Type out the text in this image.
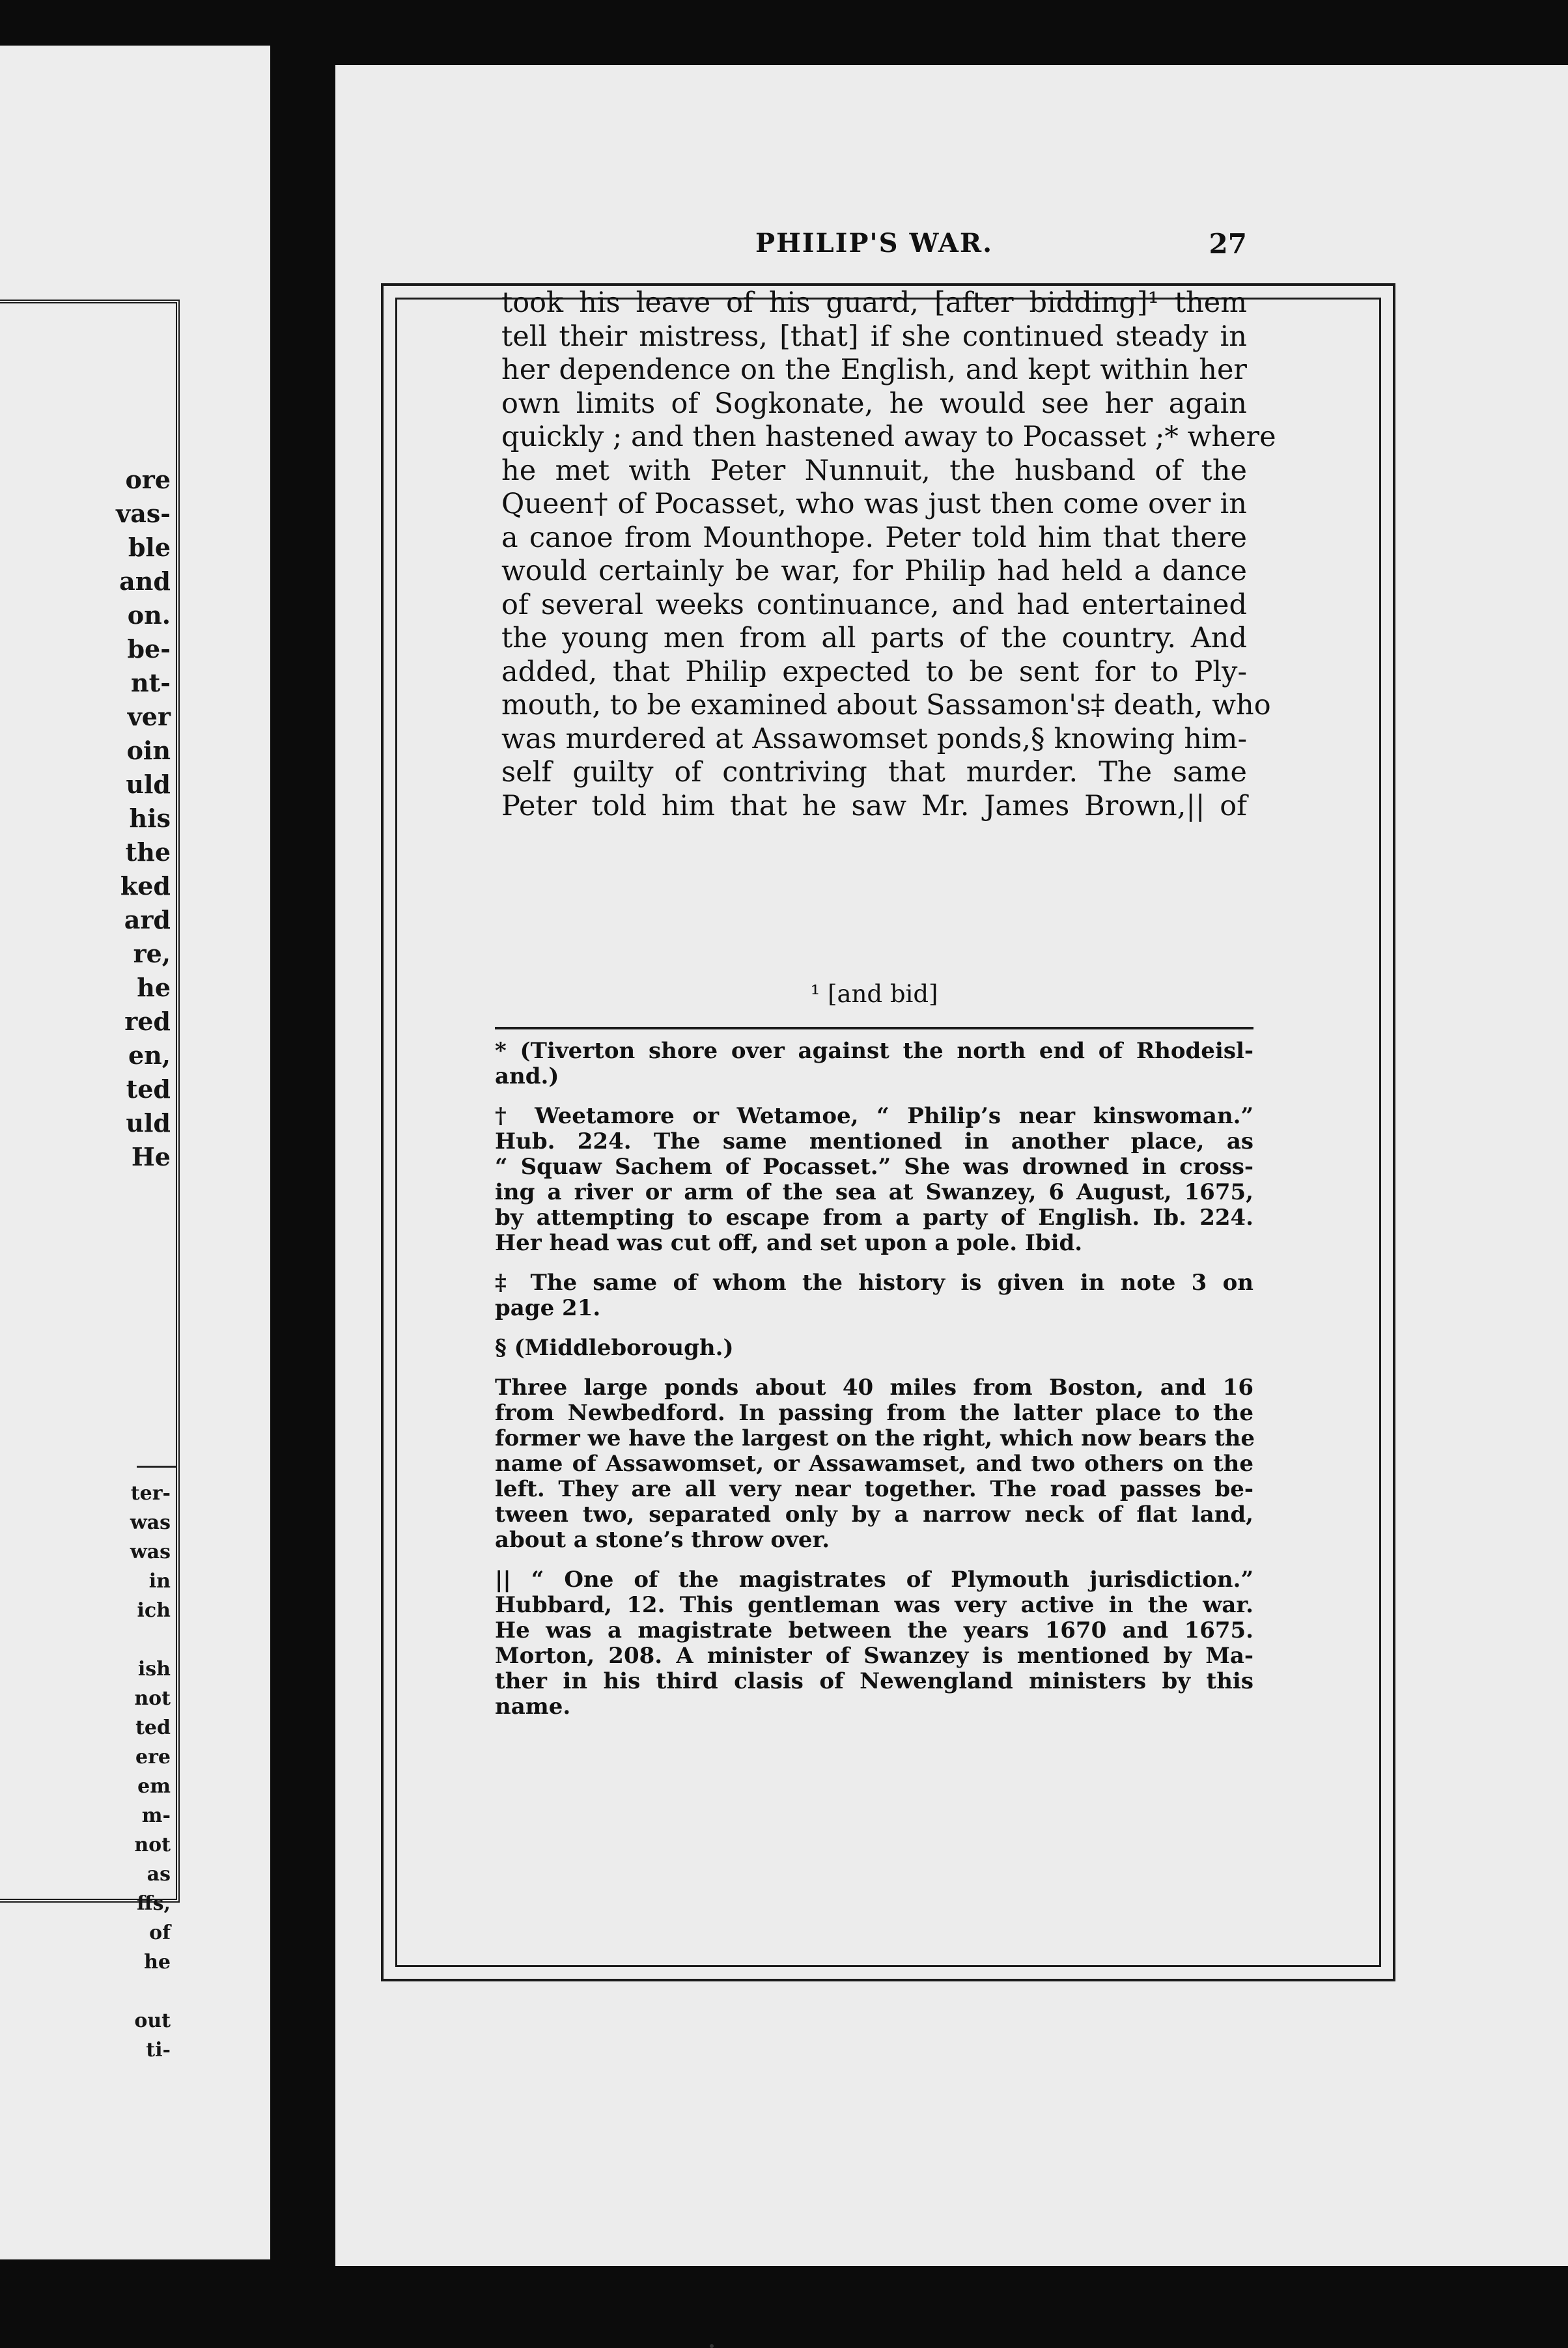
ore
vas-
ble
and
on.
be-
nt-
ver
oin
uld
his
the
ked
ard
re,
he
red
en,
ted
uld
He
ter-
was
was
in
ich

ish
not
ted
ere
em
m-
not
as
ffs,
of
he

out
ti-
PHILIP'S WAR.	27
took his leave of his guard, [after bidding]¹ them
tell their mistress, [that] if she continued steady in
her dependence on the English, and kept within her
own limits of Sogkonate, he would see her again
quickly ; and then hastened away to Pocasset ;* where
he met with Peter Nunnuit, the husband of the
Queen† of Pocasset, who was just then come over in
a canoe from Mounthope. Peter told him that there
would certainly be war, for Philip had held a dance
of several weeks continuance, and had entertained
the young men from all parts of the country. And
added, that Philip expected to be sent for to Ply-
mouth, to be examined about Sassamon's‡ death, who
was murdered at Assawomset ponds,§ knowing him-
self guilty of contriving that murder. The same
Peter told him that he saw Mr. James Brown,|| of
¹ [and bid]
* (Tiverton shore over against the north end of Rhodeisl-
and.)
† Weetamore or Wetamoe, “ Philip’s near kinswoman.”
Hub. 224. The same mentioned in another place, as
“ Squaw Sachem of Pocasset.” She was drowned in cross-
ing a river or arm of the sea at Swanzey, 6 August, 1675,
by attempting to escape from a party of English. Ib. 224.
Her head was cut off, and set upon a pole. Ibid.
‡ The same of whom the history is given in note 3 on
page 21.
§ (Middleborough.)
Three large ponds about 40 miles from Boston, and 16
from Newbedford. In passing from the latter place to the
former we have the largest on the right, which now bears the
name of Assawomset, or Assawamset, and two others on the
left. They are all very near together. The road passes be-
tween two, separated only by a narrow neck of flat land,
about a stone’s throw over.
|| “ One of the magistrates of Plymouth jurisdiction.”
Hubbard, 12. This gentleman was very active in the war.
He was a magistrate between the years 1670 and 1675.
Morton, 208. A minister of Swanzey is mentioned by Ma-
ther in his third clasis of Newengland ministers by this
name.
